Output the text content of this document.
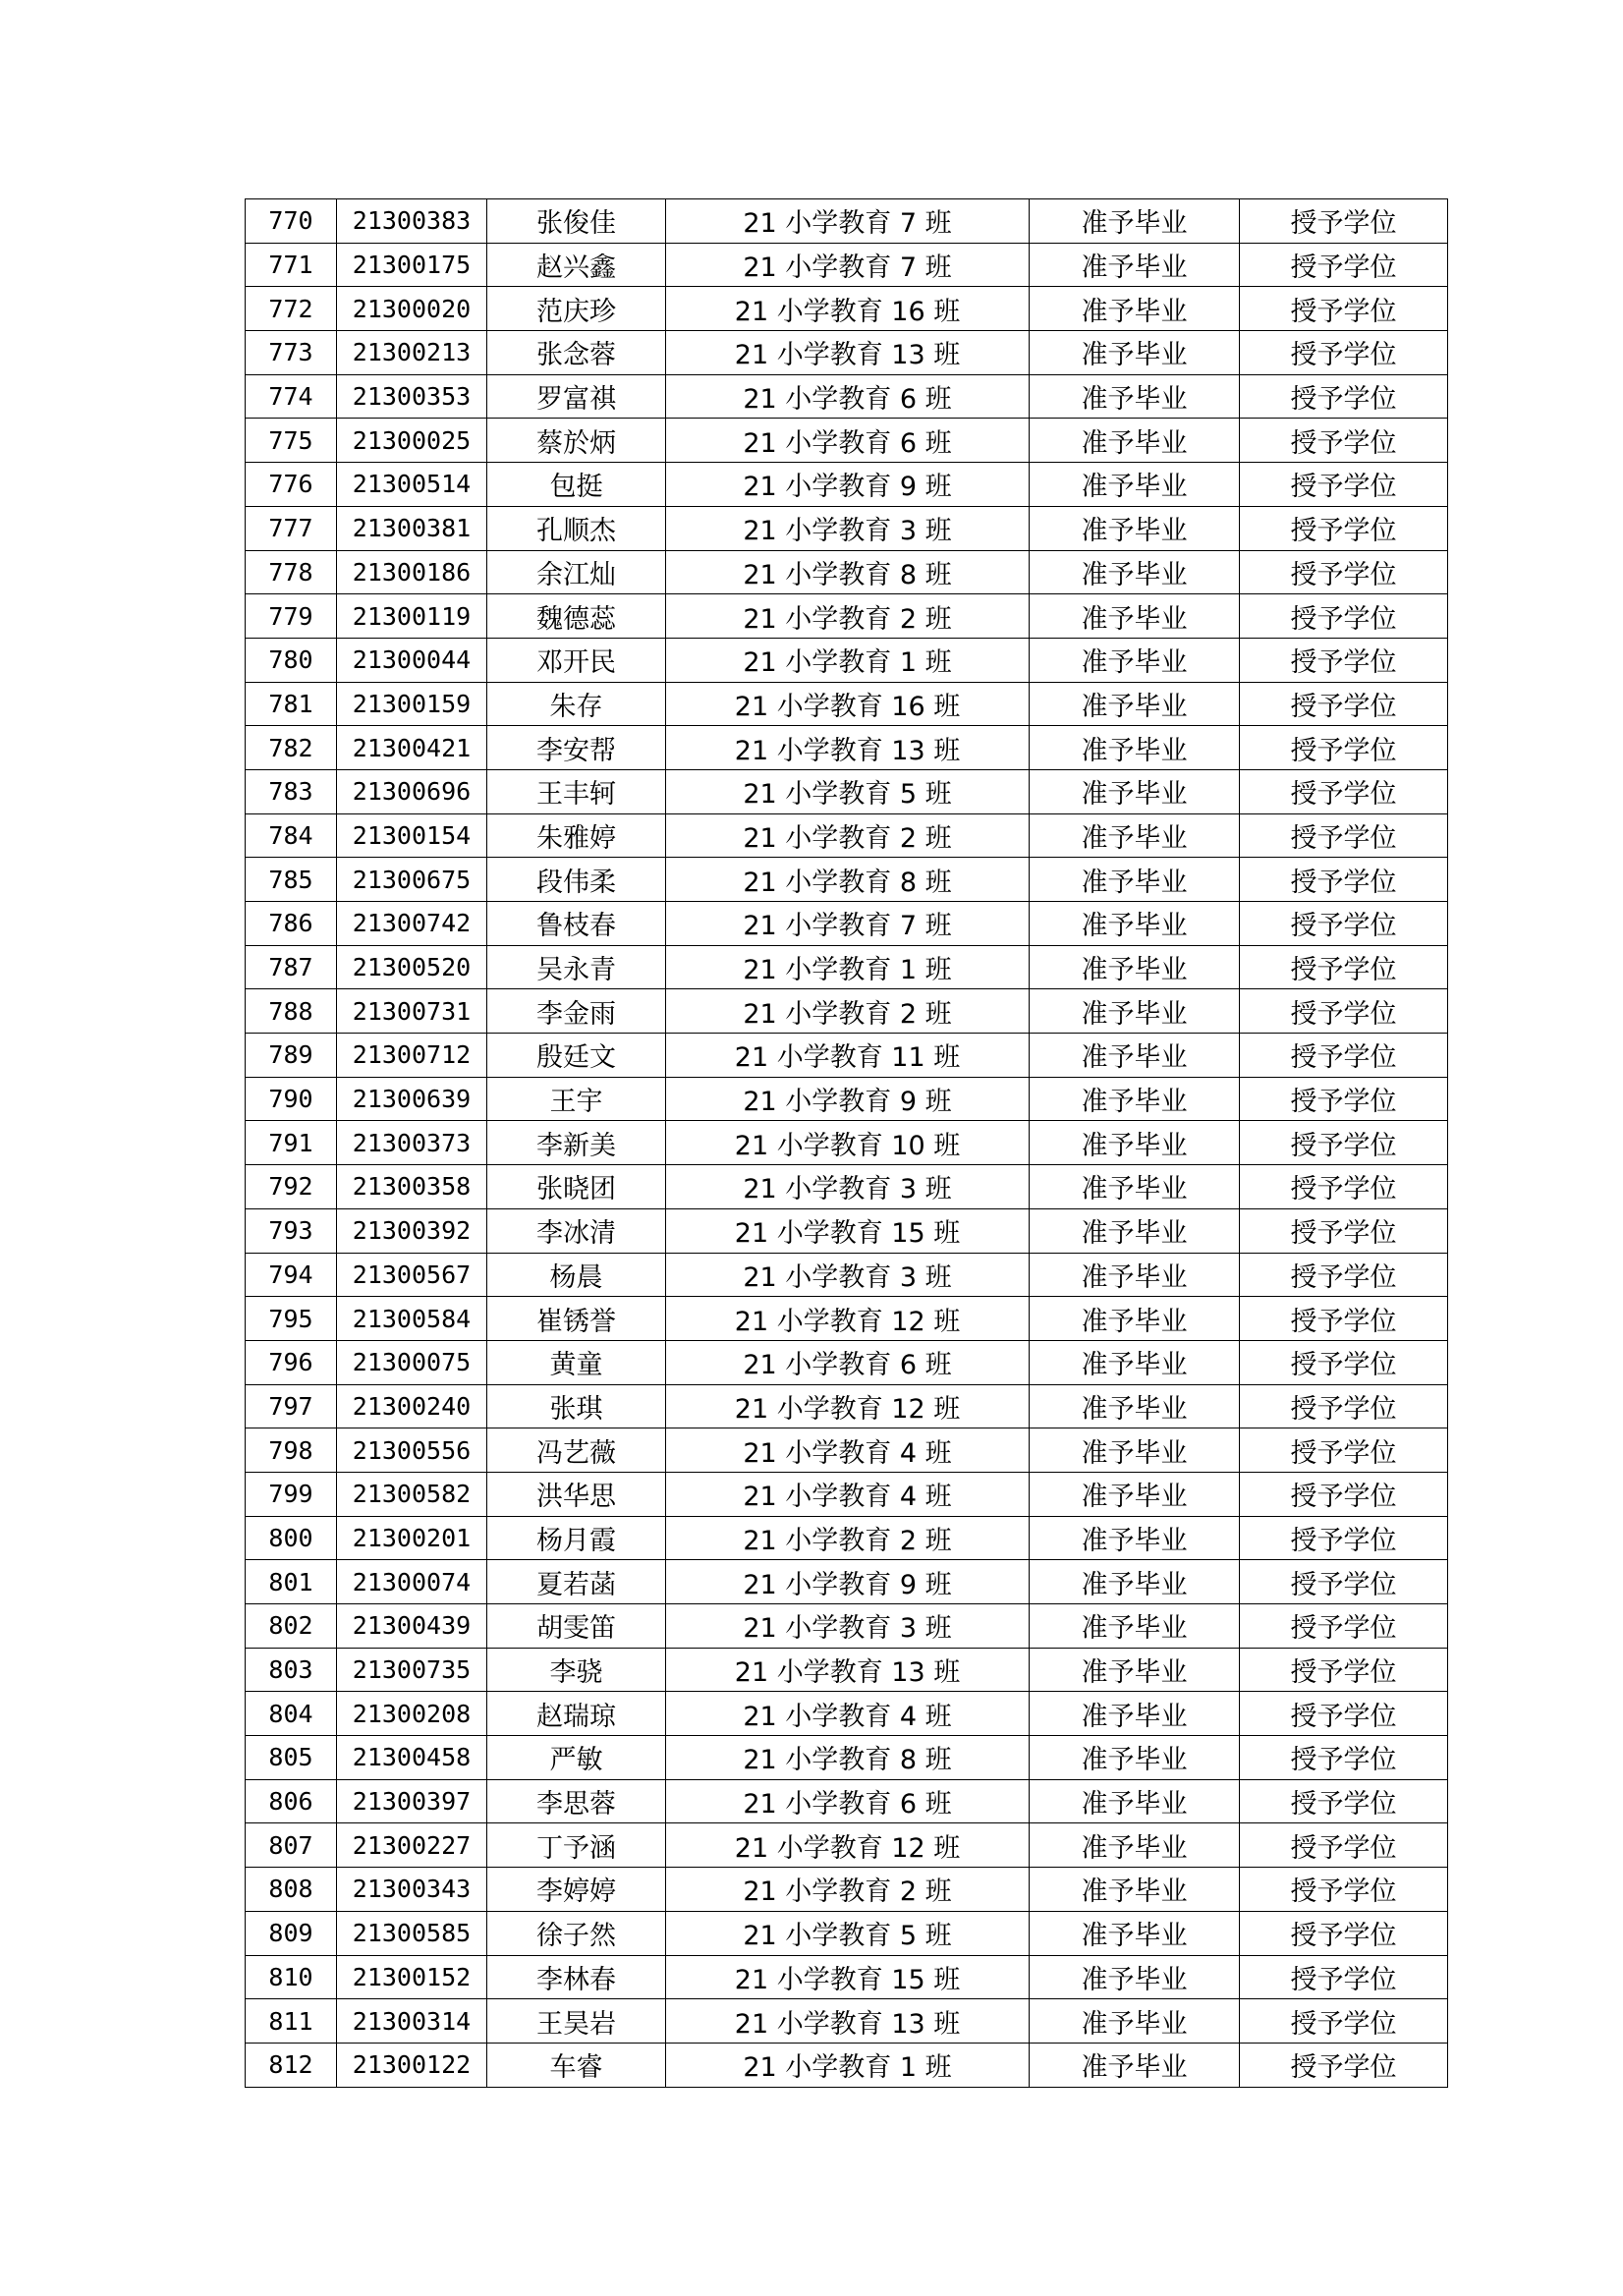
770	21300383	张俊佳	21 小学教育 7 班	准予毕业	授予学位
771	21300175	赵兴鑫	21 小学教育 7 班	准予毕业	授予学位
772	21300020	范庆珍	21 小学教育 16 班	准予毕业	授予学位
773	21300213	张念蓉	21 小学教育 13 班	准予毕业	授予学位
774	21300353	罗富祺	21 小学教育 6 班	准予毕业	授予学位
775	21300025	蔡於炳	21 小学教育 6 班	准予毕业	授予学位
776	21300514	包挺	21 小学教育 9 班	准予毕业	授予学位
777	21300381	孔顺杰	21 小学教育 3 班	准予毕业	授予学位
778	21300186	余江灿	21 小学教育 8 班	准予毕业	授予学位
779	21300119	魏德蕊	21 小学教育 2 班	准予毕业	授予学位
780	21300044	邓开民	21 小学教育 1 班	准予毕业	授予学位
781	21300159	朱存	21 小学教育 16 班	准予毕业	授予学位
782	21300421	李安帮	21 小学教育 13 班	准予毕业	授予学位
783	21300696	王丰轲	21 小学教育 5 班	准予毕业	授予学位
784	21300154	朱雅婷	21 小学教育 2 班	准予毕业	授予学位
785	21300675	段伟柔	21 小学教育 8 班	准予毕业	授予学位
786	21300742	鲁枝春	21 小学教育 7 班	准予毕业	授予学位
787	21300520	吴永青	21 小学教育 1 班	准予毕业	授予学位
788	21300731	李金雨	21 小学教育 2 班	准予毕业	授予学位
789	21300712	殷廷文	21 小学教育 11 班	准予毕业	授予学位
790	21300639	王宇	21 小学教育 9 班	准予毕业	授予学位
791	21300373	李新美	21 小学教育 10 班	准予毕业	授予学位
792	21300358	张晓团	21 小学教育 3 班	准予毕业	授予学位
793	21300392	李冰清	21 小学教育 15 班	准予毕业	授予学位
794	21300567	杨晨	21 小学教育 3 班	准予毕业	授予学位
795	21300584	崔锈誉	21 小学教育 12 班	准予毕业	授予学位
796	21300075	黄童	21 小学教育 6 班	准予毕业	授予学位
797	21300240	张琪	21 小学教育 12 班	准予毕业	授予学位
798	21300556	冯艺薇	21 小学教育 4 班	准予毕业	授予学位
799	21300582	洪华思	21 小学教育 4 班	准予毕业	授予学位
800	21300201	杨月霞	21 小学教育 2 班	准予毕业	授予学位
801	21300074	夏若菡	21 小学教育 9 班	准予毕业	授予学位
802	21300439	胡雯笛	21 小学教育 3 班	准予毕业	授予学位
803	21300735	李骁	21 小学教育 13 班	准予毕业	授予学位
804	21300208	赵瑞琼	21 小学教育 4 班	准予毕业	授予学位
805	21300458	严敏	21 小学教育 8 班	准予毕业	授予学位
806	21300397	李思蓉	21 小学教育 6 班	准予毕业	授予学位
807	21300227	丁予涵	21 小学教育 12 班	准予毕业	授予学位
808	21300343	李婷婷	21 小学教育 2 班	准予毕业	授予学位
809	21300585	徐子然	21 小学教育 5 班	准予毕业	授予学位
810	21300152	李林春	21 小学教育 15 班	准予毕业	授予学位
811	21300314	王昊岩	21 小学教育 13 班	准予毕业	授予学位
812	21300122	车睿	21 小学教育 1 班	准予毕业	授予学位
